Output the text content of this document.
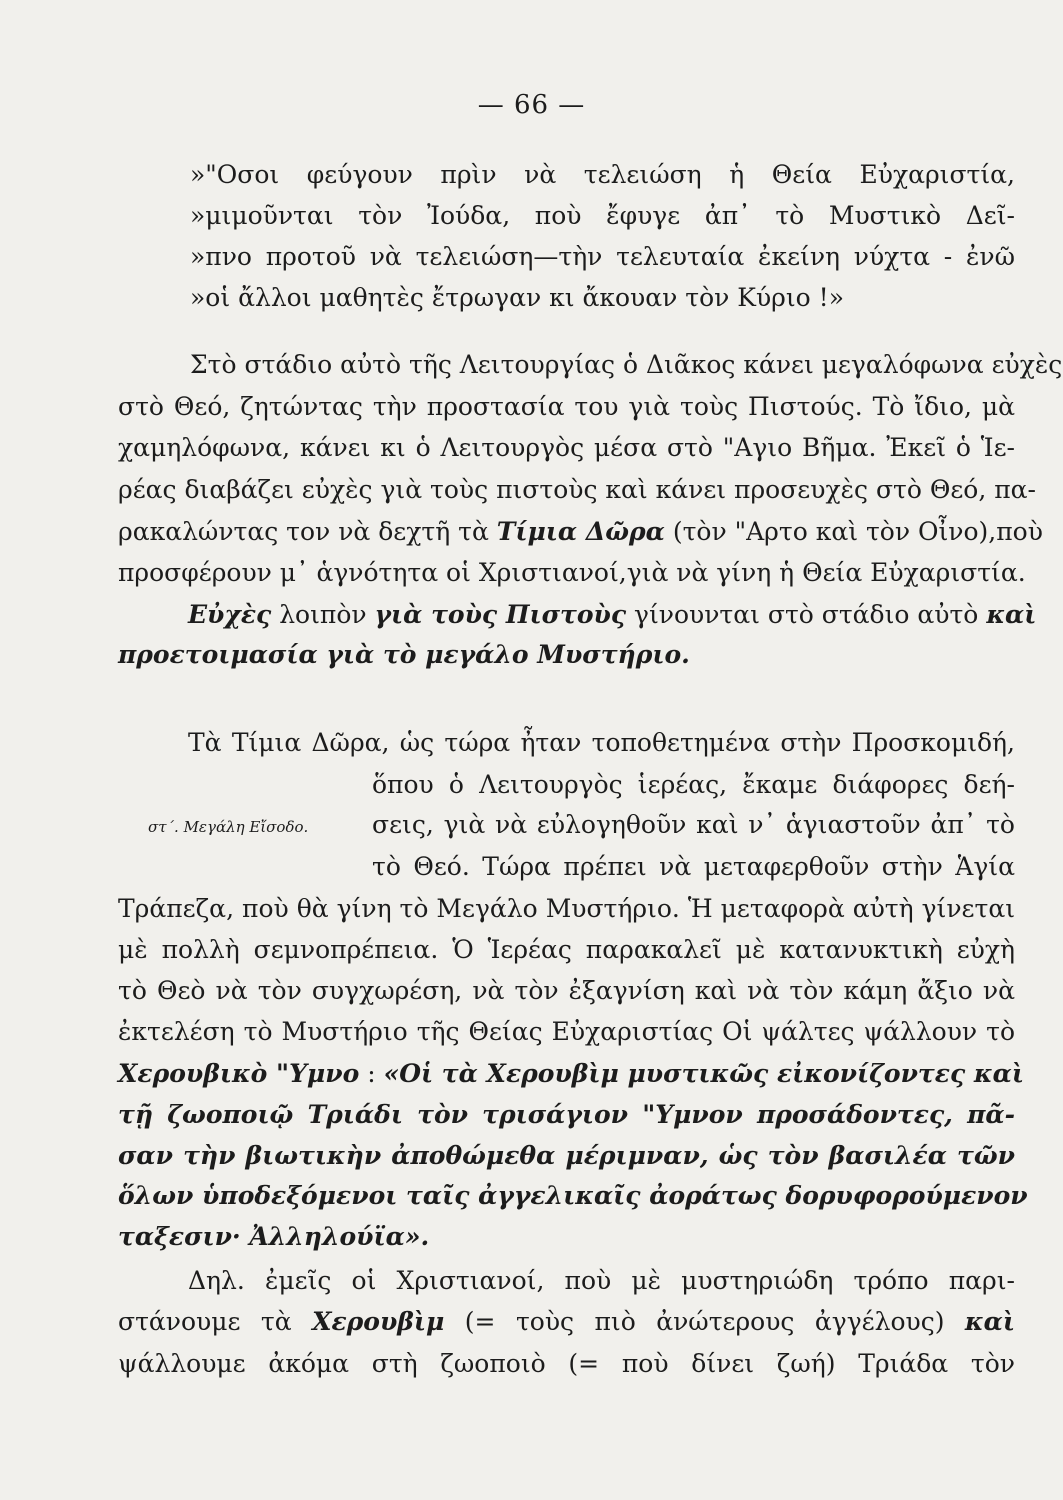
— 66 —
στ΄. Μεγάλη Εἴσοδο.
»"Οσοι φεύγουν πρὶν νὰ τελειώση ἡ Θεία Εὐχαριστία,
»μιμοῦνται τὸν Ἰούδα, ποὺ ἔφυγε ἀπ᾿ τὸ Μυστικὸ Δεῖ-
»πνο προτοῦ νὰ τελειώση—τὴν τελευταία ἐκείνη νύχτα - ἐνῶ
»οἱ ἄλλοι μαθητὲς ἔτρωγαν κι ἄκουαν τὸν Κύριο !»
Στὸ στάδιο αὐτὸ τῆς Λειτουργίας ὁ Διᾶκος κάνει μεγαλόφωνα εὐχὲς
στὸ Θεό, ζητώντας τὴν προστασία του γιὰ τοὺς Πιστούς. Τὸ ἴδιο, μὰ
χαμηλόφωνα, κάνει κι ὁ Λειτουργὸς μέσα στὸ "Αγιο Βῆμα. Ἐκεῖ ὁ Ἱε-
ρέας διαβάζει εὐχὲς γιὰ τοὺς πιστοὺς καὶ κάνει προσευχὲς στὸ Θεό, πα-
ρακαλώντας τον νὰ δεχτῆ τὰ Τίμια Δῶρα (τὸν "Αρτο καὶ τὸν Οἶνο),ποὺ
προσφέρουν μ᾿ ἁγνότητα οἱ Χριστιανοί,γιὰ νὰ γίνη ἡ Θεία Εὐχαριστία.
Εὐχὲς λοιπὸν γιὰ τοὺς Πιστοὺς γίνουνται στὸ στάδιο αὐτὸ καὶ
προετοιμασία γιὰ τὸ μεγάλο Μυστήριο.
Τὰ Τίμια Δῶρα, ὡς τώρα ἦταν τοποθετημένα στὴν Προσκομιδή,
ὅπου ὁ Λειτουργὸς ἱερέας, ἔκαμε διάφορες δεή-
σεις, γιὰ νὰ εὐλογηθοῦν καὶ ν᾿ ἁγιαστοῦν ἀπ᾿ τὸ
τὸ Θεό. Τώρα πρέπει νὰ μεταφερθοῦν στὴν Ἁγία
Τράπεζα, ποὺ θὰ γίνη τὸ Μεγάλο Μυστήριο. Ἡ μεταφορὰ αὐτὴ γίνεται
μὲ πολλὴ σεμνοπρέπεια. Ὁ Ἱερέας παρακαλεῖ μὲ κατανυκτικὴ εὐχὴ
τὸ Θεὸ νὰ τὸν συγχωρέση, νὰ τὸν ἐξαγνίση καὶ νὰ τὸν κάμη ἄξιο νὰ
ἐκτελέση τὸ Μυστήριο τῆς Θείας Εὐχαριστίας Οἱ ψάλτες ψάλλουν τὸ
Χερουβικὸ "Υμνο : «Οἱ τὰ Χερουβὶμ μυστικῶς εἰκονίζοντες καὶ
τῇ ζωοποιῷ Τριάδι τὸν τρισάγιον "Υμνον προσάδοντες, πᾶ-
σαν τὴν βιωτικὴν ἀποθώμεθα μέριμναν, ὡς τὸν βασιλέα τῶν
ὅλων ὑποδεξόμενοι ταῖς ἀγγελικαῖς ἀοράτως δορυφορούμενον
ταξεσιν· Ἀλληλούϊα».
Δηλ. ἐμεῖς οἱ Χριστιανοί, ποὺ μὲ μυστηριώδη τρόπο παρι-
στάνουμε τὰ Χερουβὶμ (= τοὺς πιὸ ἀνώτερους ἀγγέλους) καὶ
ψάλλουμε ἀκόμα στὴ ζωοποιὸ (= ποὺ δίνει ζωή) Τριάδα τὸν
